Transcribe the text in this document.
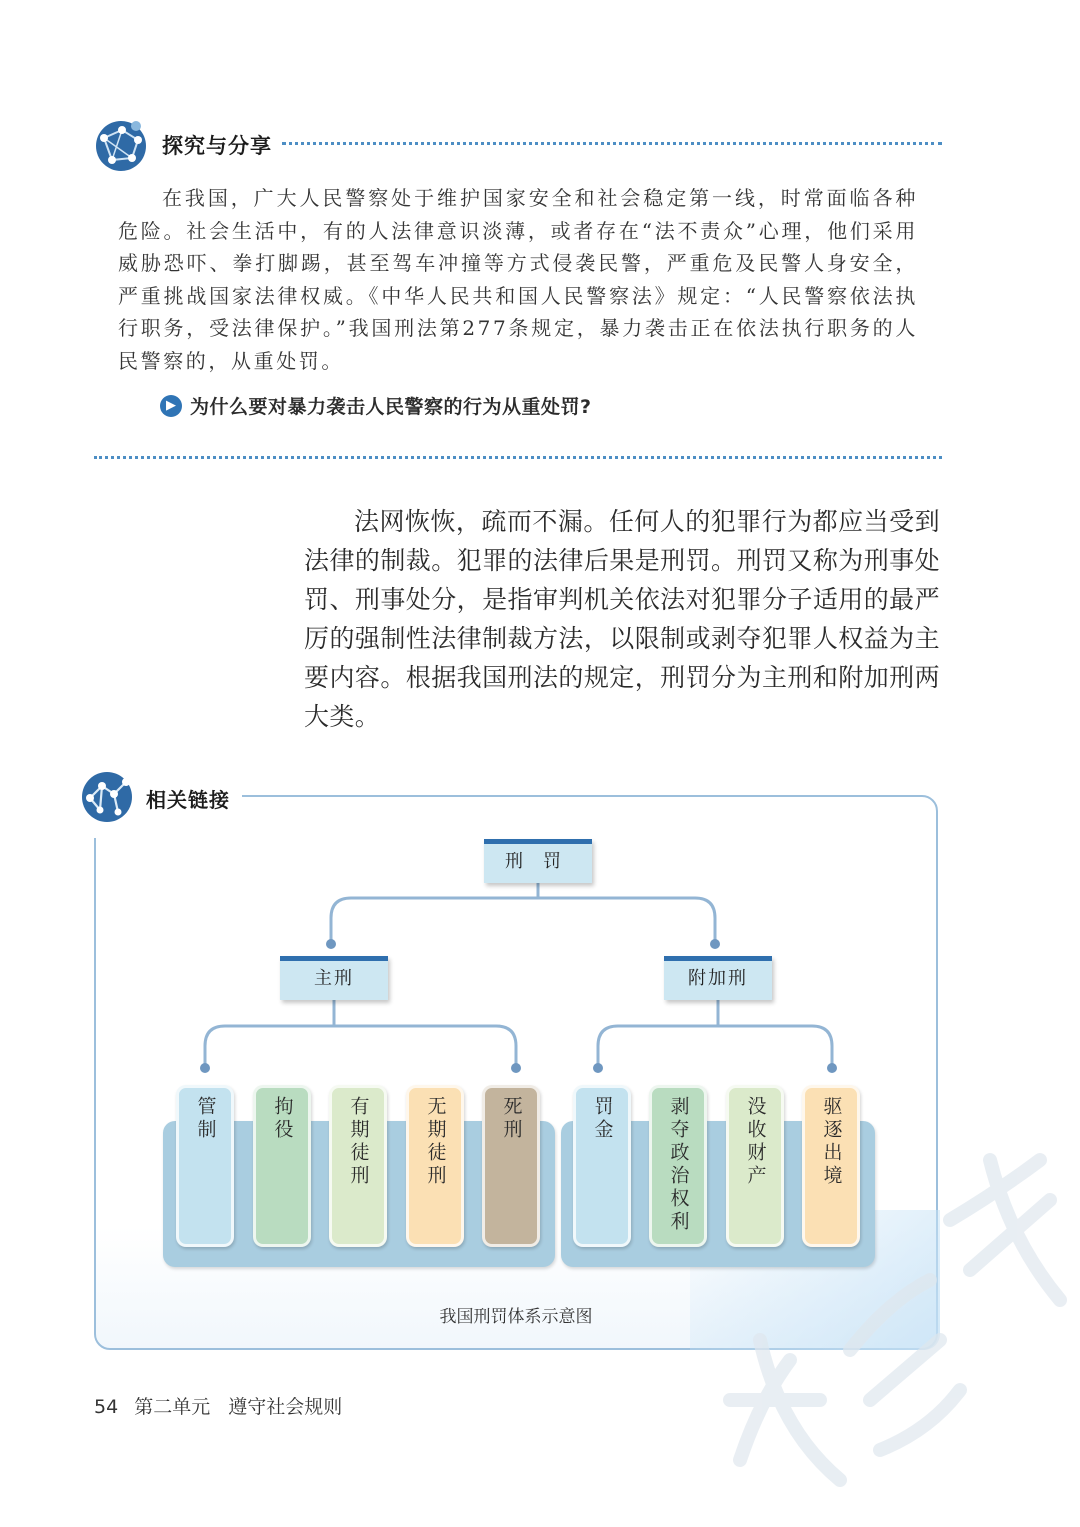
探究与分享
在我国，广大人民警察处于维护国家安全和社会稳定第一线，时常面临各种危险。社会生活中，有的人法律意识淡薄，或者存在“法不责众”心理，他们采用威胁恐吓、拳打脚踢，甚至驾车冲撞等方式侵袭民警，严重危及民警人身安全，严重挑战国家法律权威。《中华人民共和国人民警察法》规定：“人民警察依法执行职务，受法律保护。”我国刑法第277条规定，暴力袭击正在依法执行职务的人民警察的，从重处罚。
▶ 为什么要对暴力袭击人民警察的行为从重处罚?
法网恢恢，疏而不漏。任何人的犯罪行为都应当受到法律的制裁。犯罪的法律后果是刑罚。刑罚又称为刑事处罚、刑事处分，是指审判机关依法对犯罪分子适用的最严厉的强制性法律制裁方法，以限制或剥夺犯罪人权益为主要内容。根据我国刑法的规定，刑罚分为主刑和附加刑两大类。
相关链接
刑罚
主刑	附加刑
管制	拘役	有期徒刑	无期徒刑	死刑	罚金	剥夺政治权利	没收财产	驱逐出境
我国刑罚体系示意图
54 第二单元 遵守社会规则
